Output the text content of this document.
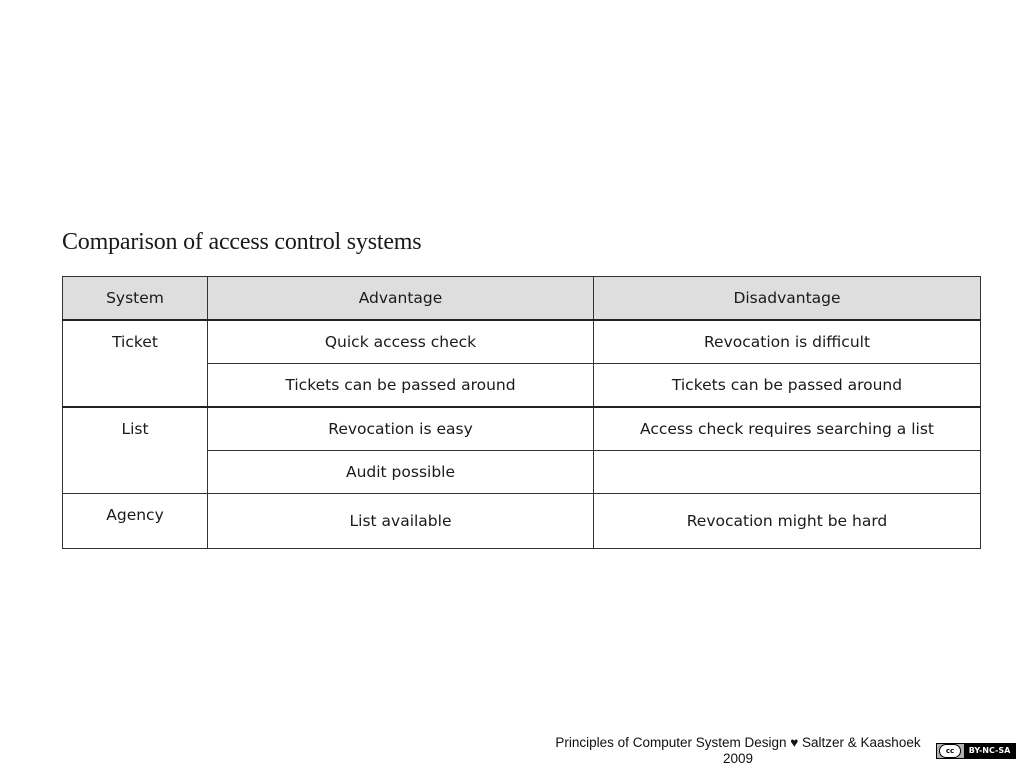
Comparison of access control systems
System	Advantage	Disadvantage
Ticket	Quick access check	Revocation is difficult
	Tickets can be passed around	Tickets can be passed around
List	Revocation is easy	Access check requires searching a list
	Audit possible	
Agency	List available	Revocation might be hard
Principles of Computer System Design ♥ Saltzer & Kaashoek
2009	cc	BY-NC-SA
